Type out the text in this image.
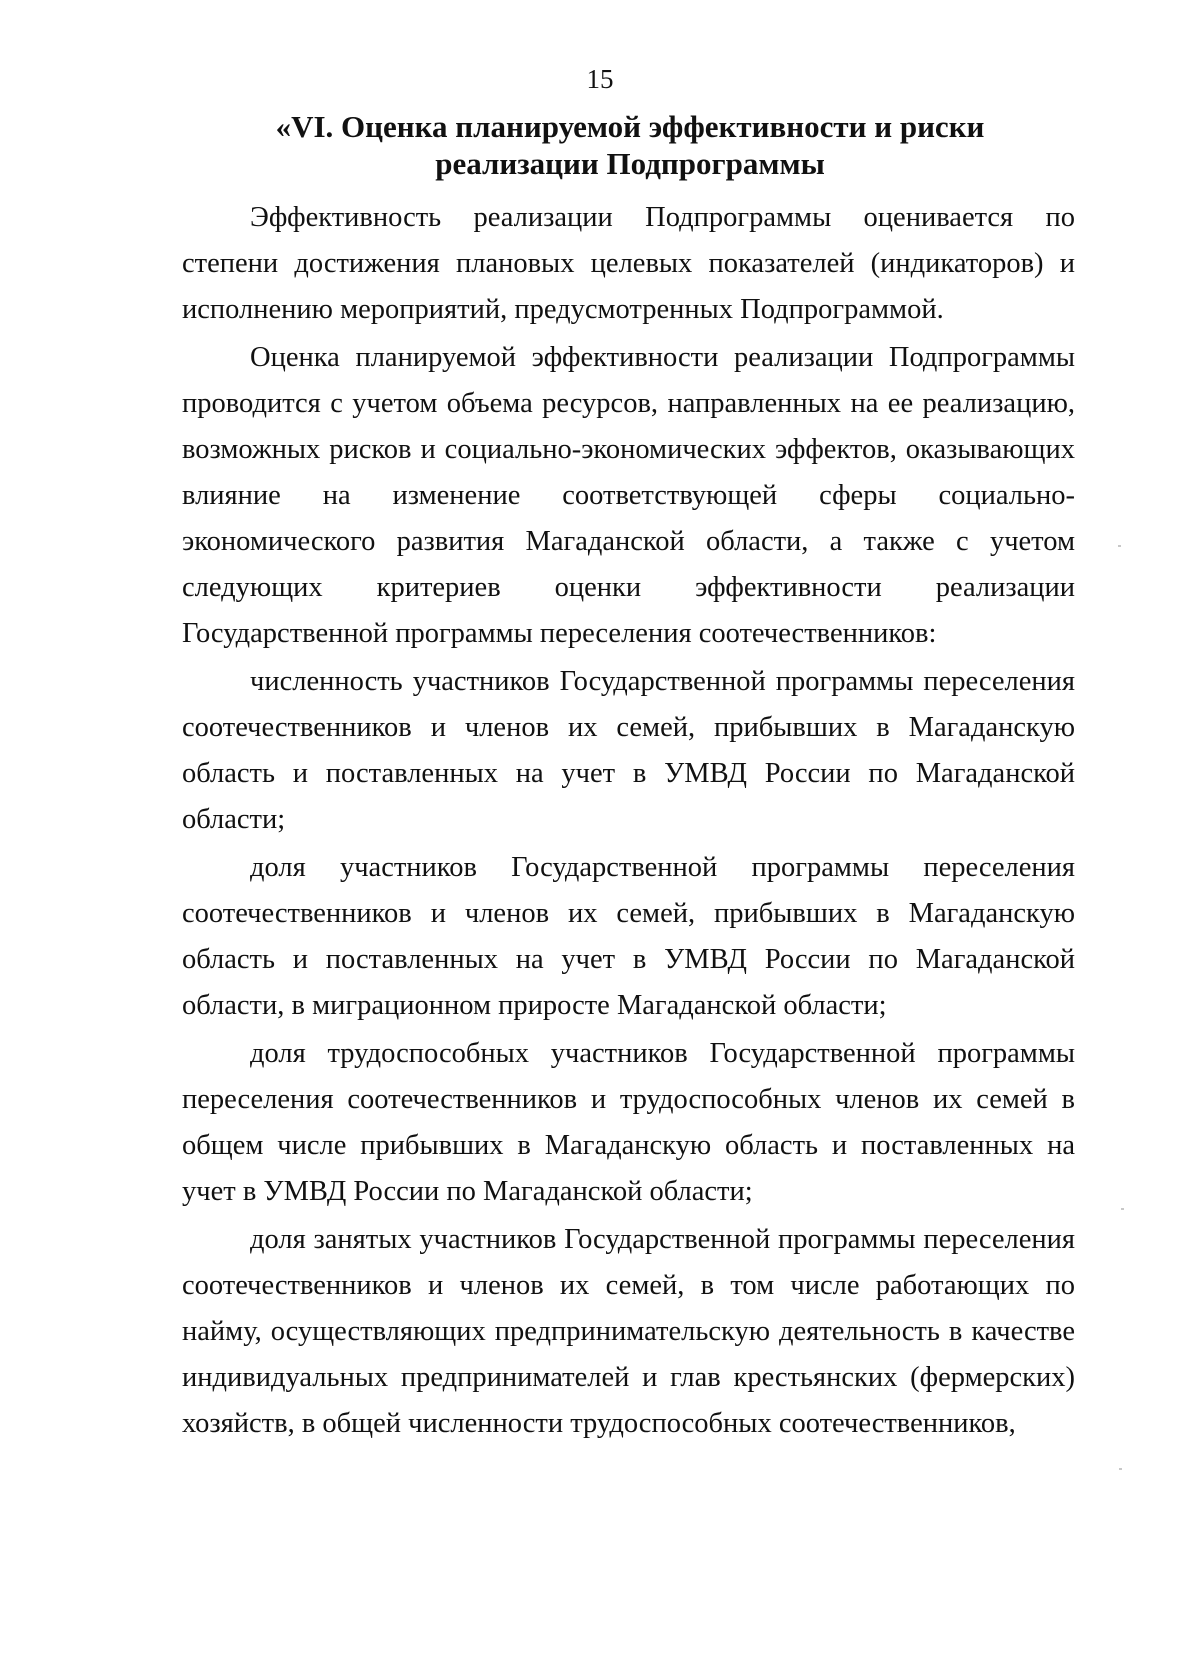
15
«VI. Оценка планируемой эффективности и риски
реализации Подпрограммы

Эффективность реализации Подпрограммы оценивается по степени достижения плановых целевых показателей (индикаторов) и исполнению мероприятий, предусмотренных Подпрограммой.

Оценка планируемой эффективности реализации Подпрограммы проводится с учетом объема ресурсов, направленных на ее реализацию, возможных рисков и социально-экономических эффектов, оказывающих влияние на изменение соответствующей сферы социально-экономического развития Магаданской области, а также с учетом следующих критериев оценки эффективности реализации Государственной программы переселения соотечественников:

численность участников Государственной программы переселения соотечественников и членов их семей, прибывших в Магаданскую область и поставленных на учет в УМВД России по Магаданской области;

доля участников Государственной программы переселения соотечественников и членов их семей, прибывших в Магаданскую область и поставленных на учет в УМВД России по Магаданской области, в миграционном приросте Магаданской области;

доля трудоспособных участников Государственной программы переселения соотечественников и трудоспособных членов их семей в общем числе прибывших в Магаданскую область и поставленных на учет в УМВД России по Магаданской области;

доля занятых участников Государственной программы переселения соотечественников и членов их семей, в том числе работающих по найму, осуществляющих предпринимательскую деятельность в качестве индивидуальных предпринимателей и глав крестьянских (фермерских) хозяйств, в общей численности трудоспособных соотечественников,
